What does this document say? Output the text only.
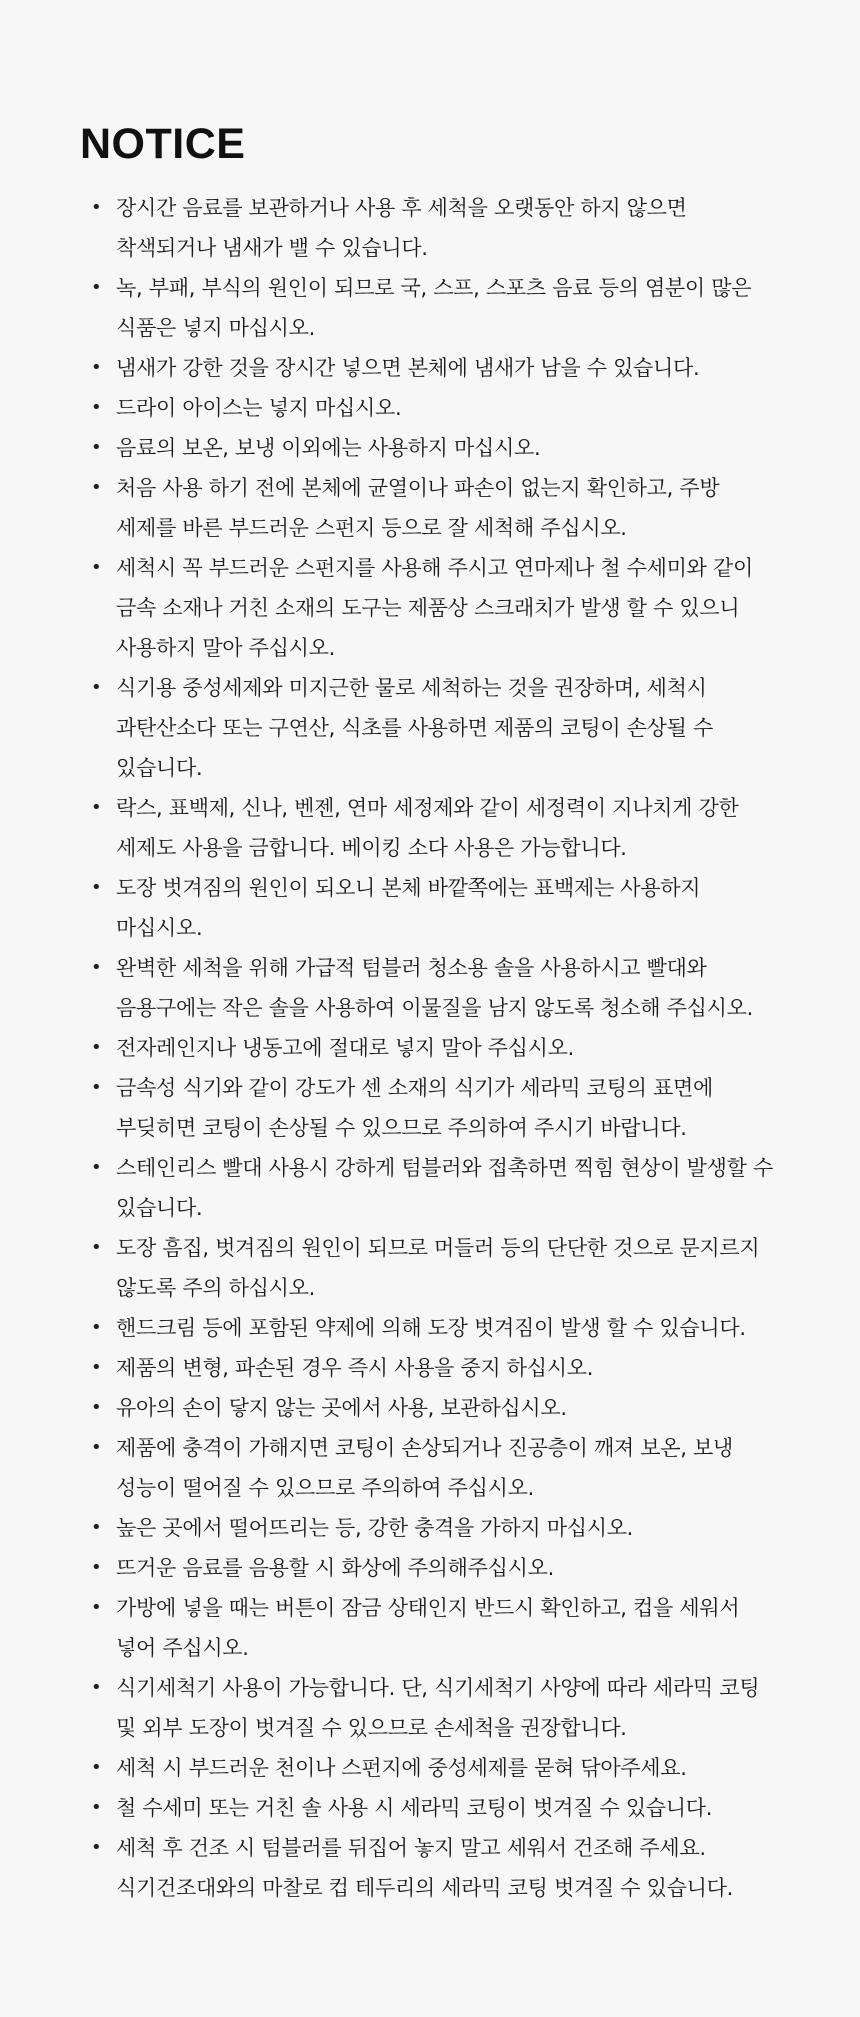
NOTICE
• 장시간 음료를 보관하거나 사용 후 세척을 오랫동안 하지 않으면 착색되거나 냄새가 밸 수 있습니다.
• 녹, 부패, 부식의 원인이 되므로 국, 스프, 스포츠 음료 등의 염분이 많은 식품은 넣지 마십시오.
• 냄새가 강한 것을 장시간 넣으면 본체에 냄새가 남을 수 있습니다.
• 드라이 아이스는 넣지 마십시오.
• 음료의 보온, 보냉 이외에는 사용하지 마십시오.
• 처음 사용 하기 전에 본체에 균열이나 파손이 없는지 확인하고, 주방 세제를 바른 부드러운 스펀지 등으로 잘 세척해 주십시오.
• 세척시 꼭 부드러운 스펀지를 사용해 주시고 연마제나 철 수세미와 같이 금속 소재나 거친 소재의 도구는 제품상 스크래치가 발생 할 수 있으니 사용하지 말아 주십시오.
• 식기용 중성세제와 미지근한 물로 세척하는 것을 권장하며, 세척시 과탄산소다 또는 구연산, 식초를 사용하면 제품의 코팅이 손상될 수 있습니다.
• 락스, 표백제, 신나, 벤젠, 연마 세정제와 같이 세정력이 지나치게 강한 세제도 사용을 금합니다. 베이킹 소다 사용은 가능합니다.
• 도장 벗겨짐의 원인이 되오니 본체 바깥쪽에는 표백제는 사용하지 마십시오.
• 완벽한 세척을 위해 가급적 텀블러 청소용 솔을 사용하시고 빨대와 음용구에는 작은 솔을 사용하여 이물질을 남지 않도록 청소해 주십시오.
• 전자레인지나 냉동고에 절대로 넣지 말아 주십시오.
• 금속성 식기와 같이 강도가 센 소재의 식기가 세라믹 코팅의 표면에 부딪히면 코팅이 손상될 수 있으므로 주의하여 주시기 바랍니다.
• 스테인리스 빨대 사용시 강하게 텀블러와 접촉하면 찍힘 현상이 발생할 수 있습니다.
• 도장 흠집, 벗겨짐의 원인이 되므로 머들러 등의 단단한 것으로 문지르지 않도록 주의 하십시오.
• 핸드크림 등에 포함된 약제에 의해 도장 벗겨짐이 발생 할 수 있습니다.
• 제품의 변형, 파손된 경우 즉시 사용을 중지 하십시오.
• 유아의 손이 닿지 않는 곳에서 사용, 보관하십시오.
• 제품에 충격이 가해지면 코팅이 손상되거나 진공층이 깨져 보온, 보냉 성능이 떨어질 수 있으므로 주의하여 주십시오.
• 높은 곳에서 떨어뜨리는 등, 강한 충격을 가하지 마십시오.
• 뜨거운 음료를 음용할 시 화상에 주의해주십시오.
• 가방에 넣을 때는 버튼이 잠금 상태인지 반드시 확인하고, 컵을 세워서 넣어 주십시오.
• 식기세척기 사용이 가능합니다. 단, 식기세척기 사양에 따라 세라믹 코팅 및 외부 도장이 벗겨질 수 있으므로 손세척을 권장합니다.
• 세척 시 부드러운 천이나 스펀지에 중성세제를 묻혀 닦아주세요.
• 철 수세미 또는 거친 솔 사용 시 세라믹 코팅이 벗겨질 수 있습니다.
• 세척 후 건조 시 텀블러를 뒤집어 놓지 말고 세워서 건조해 주세요. 식기건조대와의 마찰로 컵 테두리의 세라믹 코팅 벗겨질 수 있습니다.
